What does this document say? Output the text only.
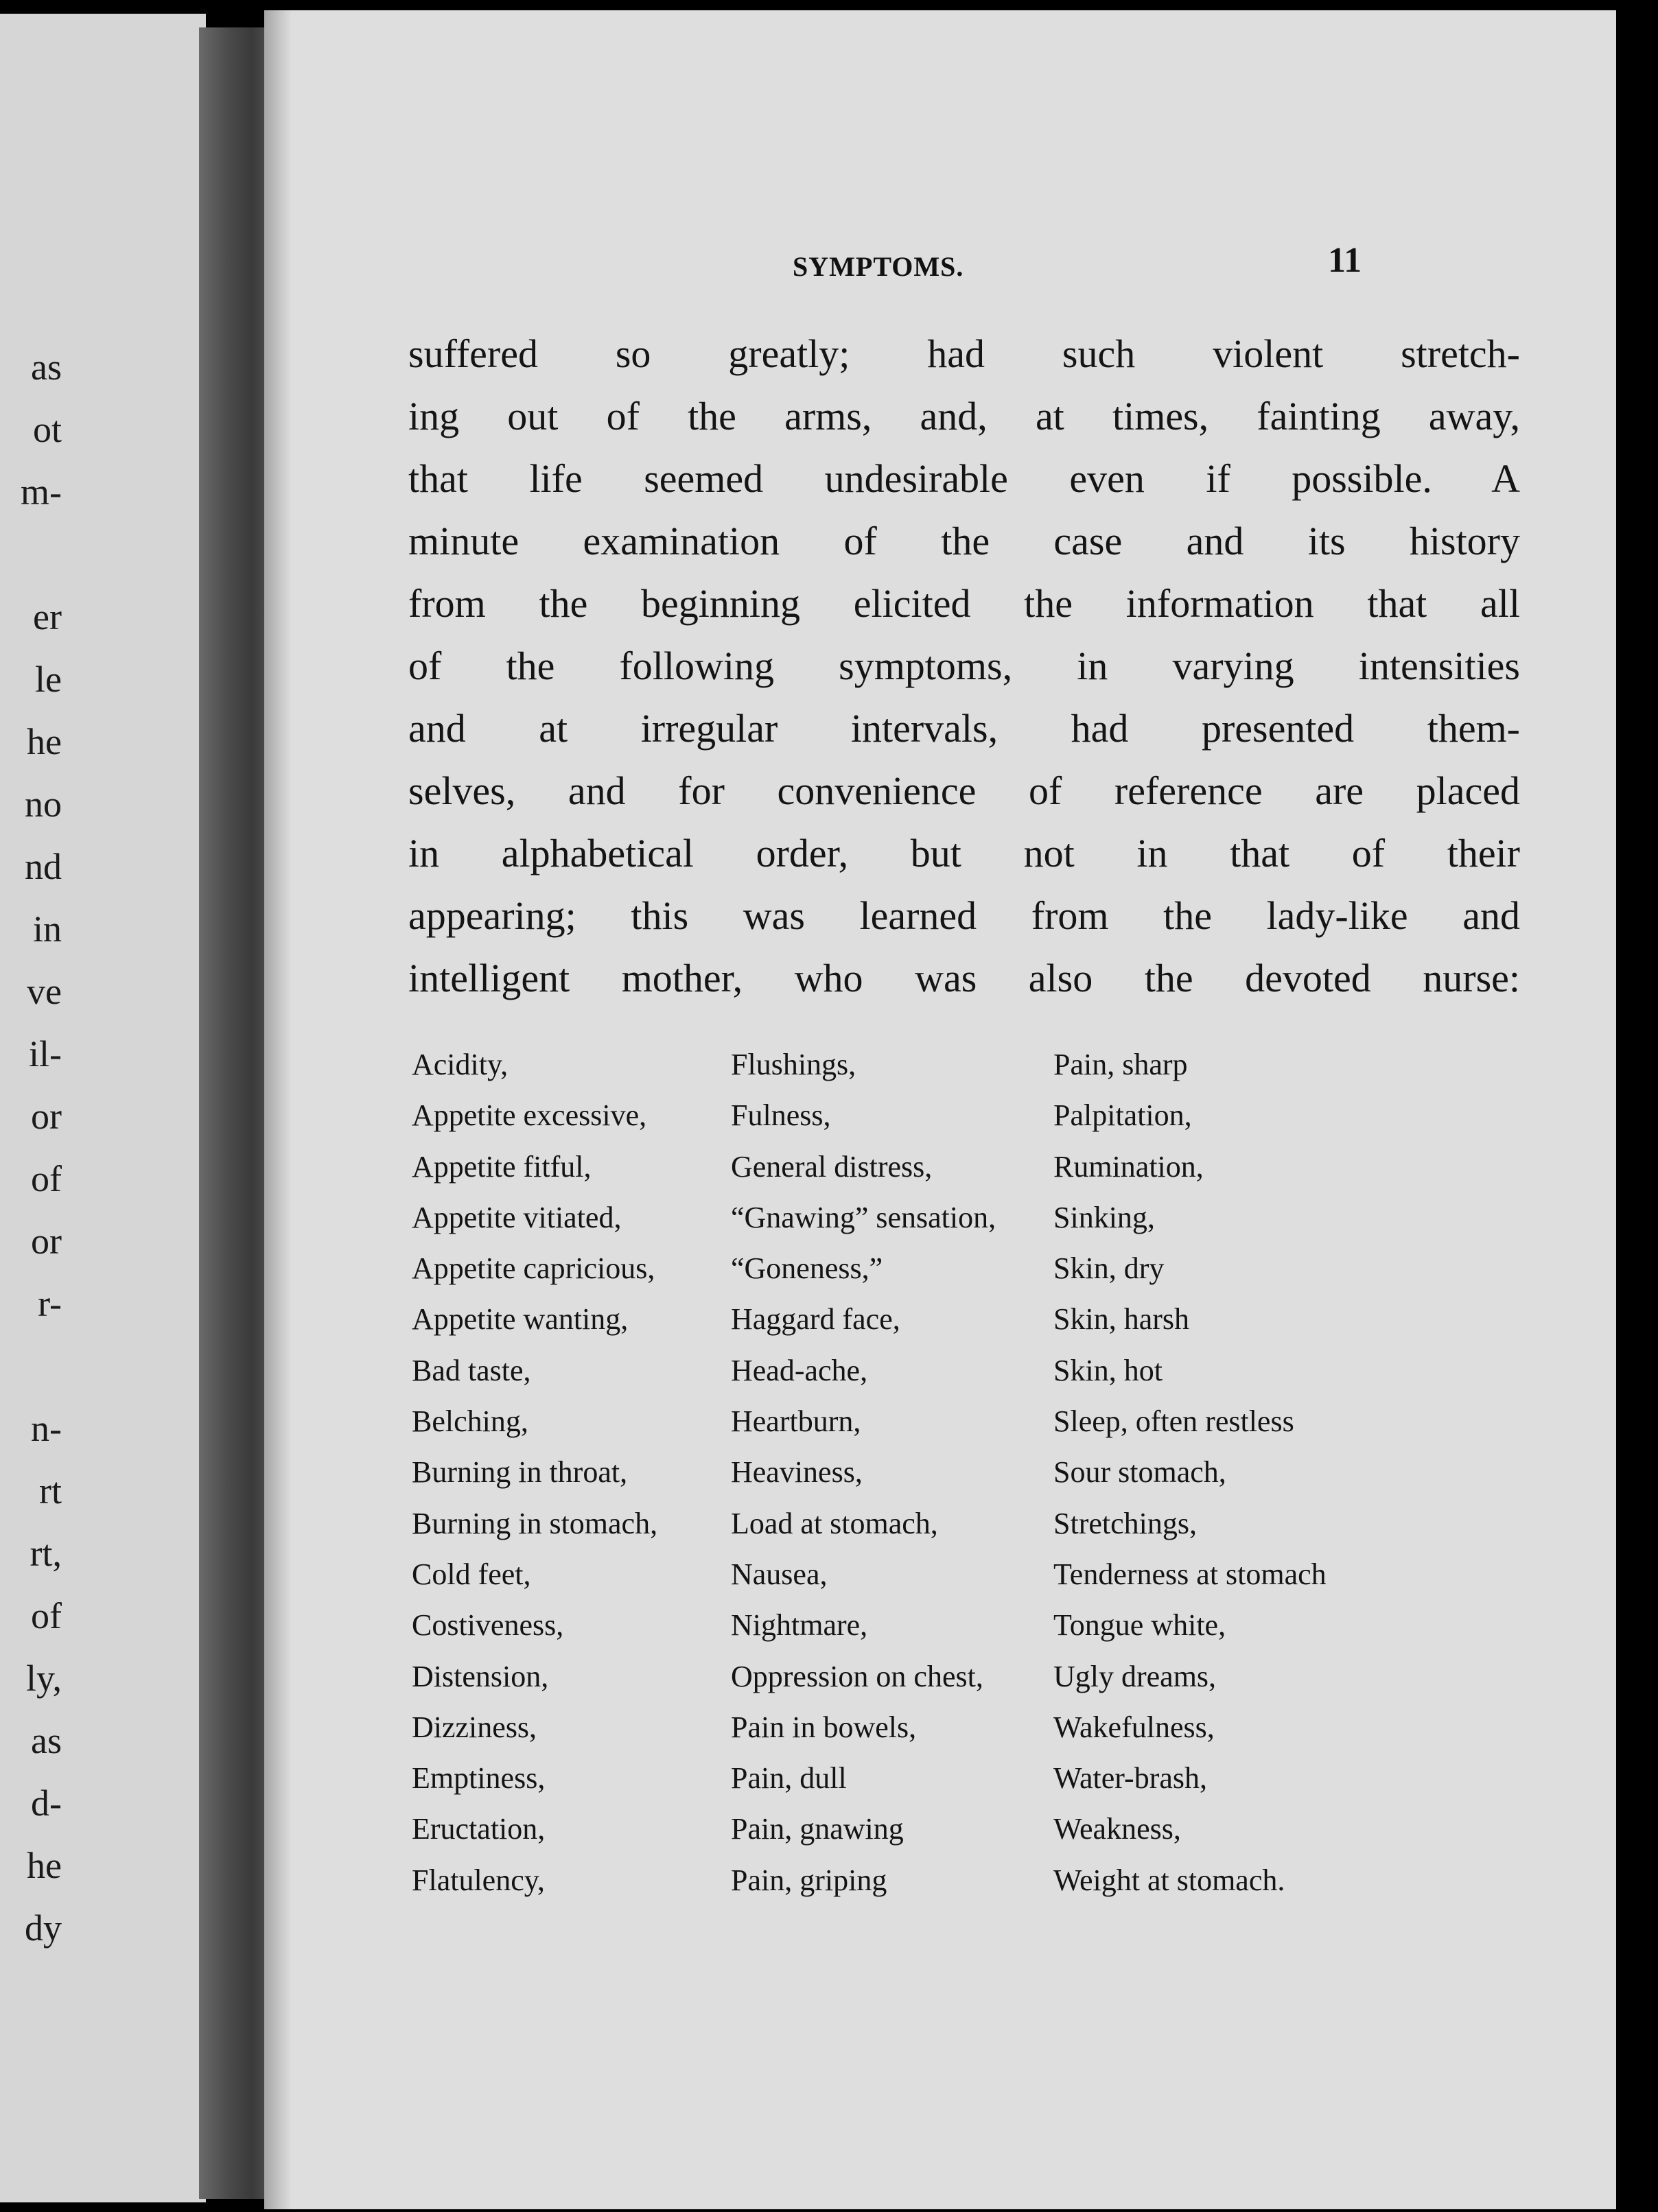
as
ot
m-

er
le
he
no
nd
in
ve
il-
or
of
or
r-

n-
rt
rt,
of
ly,
as
d-
he
dy
SYMPTOMS.	11
suffered so greatly; had such violent stretch-
ing out of the arms, and, at times, fainting away,
that life seemed undesirable even if possible. A
minute examination of the case and its history
from the beginning elicited the information that all
of the following symptoms, in varying intensities
and at irregular intervals, had presented them-
selves, and for convenience of reference are placed
in alphabetical order, but not in that of their
appearing; this was learned from the lady-like and
intelligent mother, who was also the devoted nurse:
Acidity,
Appetite excessive,
Appetite fitful,
Appetite vitiated,
Appetite capricious,
Appetite wanting,
Bad taste,
Belching,
Burning in throat,
Burning in stomach,
Cold feet,
Costiveness,
Distension,
Dizziness,
Emptiness,
Eructation,
Flatulency,
Flushings,
Fulness,
General distress,
“Gnawing” sensation,
“Goneness,”
Haggard face,
Head-ache,
Heartburn,
Heaviness,
Load at stomach,
Nausea,
Nightmare,
Oppression on chest,
Pain in bowels,
Pain, dull
Pain, gnawing
Pain, griping
Pain, sharp
Palpitation,
Rumination,
Sinking,
Skin, dry
Skin, harsh
Skin, hot
Sleep, often restless
Sour stomach,
Stretchings,
Tenderness at stomach
Tongue white,
Ugly dreams,
Wakefulness,
Water-brash,
Weakness,
Weight at stomach.
